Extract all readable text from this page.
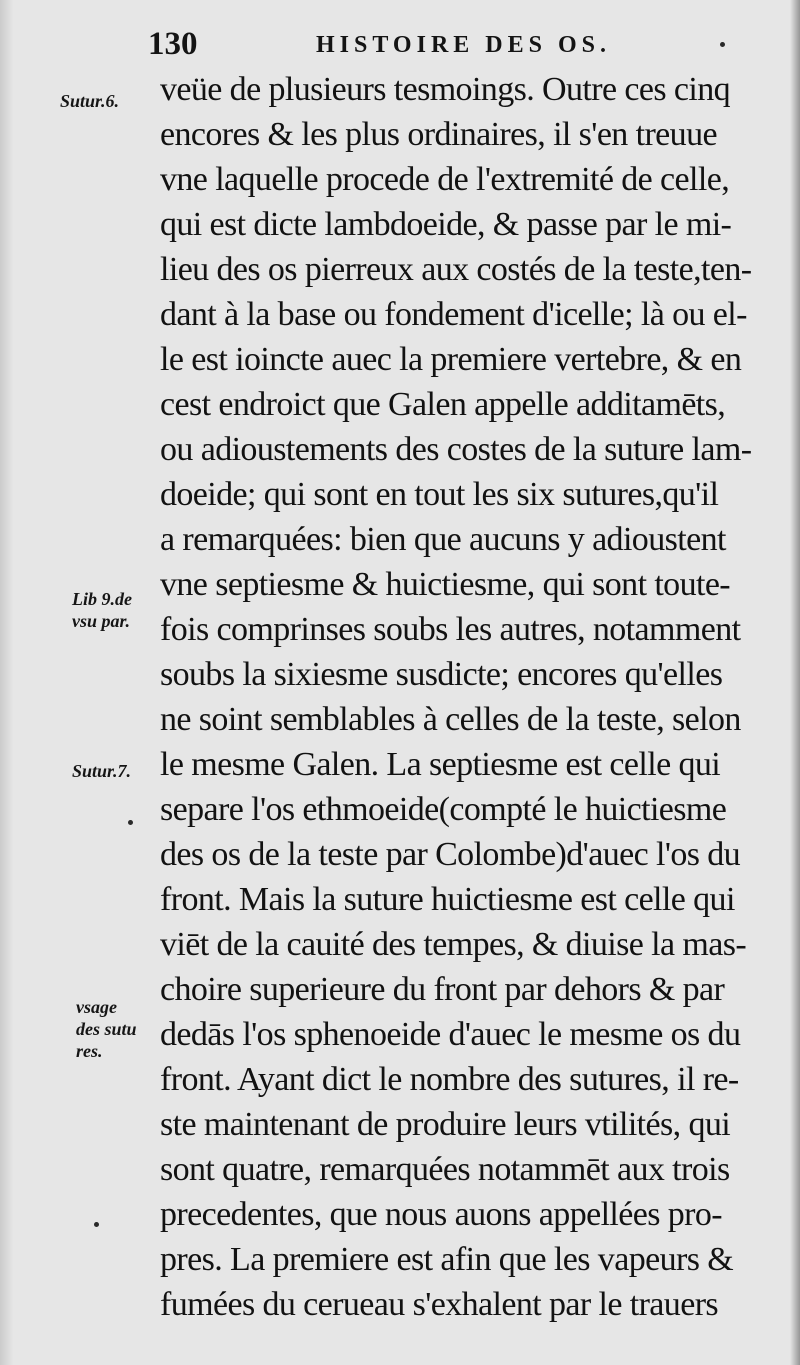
130	HISTOIRE DES OS.
Sutur.6.
Lib 9.de
vsu par.
Sutur.7.
vsage
des sutu
res.
veüe de plusieurs tesmoings. Outre ces cinq
encores & les plus ordinaires, il s'en treuue
vne laquelle procede de l'extremité de celle,
qui est dicte lambdoeide, & passe par le mi-
lieu des os pierreux aux costés de la teste,ten-
dant à la base ou fondement d'icelle; là ou el-
le est ioincte auec la premiere vertebre, & en
cest endroict que Galen appelle additamēts,
ou adioustements des costes de la suture lam-
doeide; qui sont en tout les six sutures,qu'il
a remarquées: bien que aucuns y adioustent
vne septiesme & huictiesme, qui sont toute-
fois comprinses soubs les autres, notamment
soubs la sixiesme susdicte; encores qu'elles
ne soint semblables à celles de la teste, selon
le mesme Galen. La septiesme est celle qui
separe l'os ethmoeide(compté le huictiesme
des os de la teste par Colombe)d'auec l'os du
front. Mais la suture huictiesme est celle qui
viēt de la cauité des tempes, & diuise la mas-
choire superieure du front par dehors & par
dedās l'os sphenoeide d'auec le mesme os du
front. Ayant dict le nombre des sutures, il re-
ste maintenant de produire leurs vtilités, qui
sont quatre, remarquées notammēt aux trois
precedentes, que nous auons appellées pro-
pres. La premiere est afin que les vapeurs &
fumées du cerueau s'exhalent par le trauers
